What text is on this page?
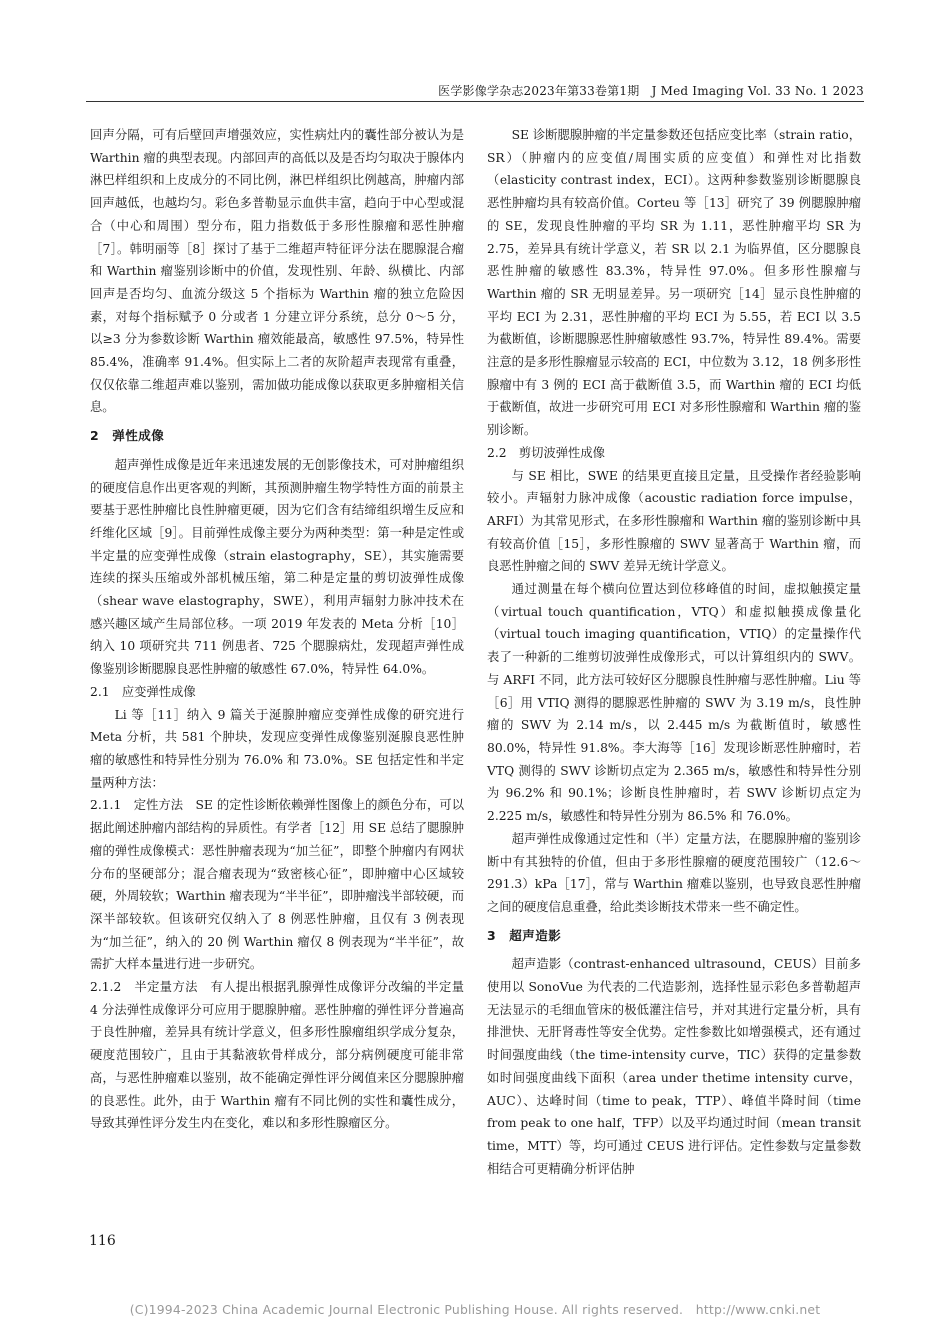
医学影像学杂志2023年第33卷第1期　J Med Imaging Vol. 33 No. 1 2023

回声分隔，可有后壁回声增强效应，实性病灶内的囊性部分被认为是 Warthin 瘤的典型表现。内部回声的高低以及是否均匀取决于腺体内淋巴样组织和上皮成分的不同比例，淋巴样组织比例越高，肿瘤内部回声越低，也越均匀。彩色多普勒显示血供丰富，趋向于中心型或混合（中心和周围）型分布，阻力指数低于多形性腺瘤和恶性肿瘤［7］。韩明丽等［8］探讨了基于二维超声特征评分法在腮腺混合瘤和 Warthin 瘤鉴别诊断中的价值，发现性别、年龄、纵横比、内部回声是否均匀、血流分级这 5 个指标为 Warthin 瘤的独立危险因素，对每个指标赋予 0 分或者 1 分建立评分系统，总分 0～5 分，以≥3 分为参数诊断 Warthin 瘤效能最高，敏感性 97.5%，特异性 85.4%，准确率 91.4%。但实际上二者的灰阶超声表现常有重叠，仅仅依靠二维超声难以鉴别，需加做功能成像以获取更多肿瘤相关信息。

2　弹性成像

超声弹性成像是近年来迅速发展的无创影像技术，可对肿瘤组织的硬度信息作出更客观的判断，其预测肿瘤生物学特性方面的前景主要基于恶性肿瘤比良性肿瘤更硬，因为它们含有结缔组织增生反应和纤维化区域［9］。目前弹性成像主要分为两种类型：第一种是定性或半定量的应变弹性成像（strain elastography，SE），其实施需要连续的探头压缩或外部机械压缩，第二种是定量的剪切波弹性成像（shear wave elastography，SWE），利用声辐射力脉冲技术在感兴趣区域产生局部位移。一项 2019 年发表的 Meta 分析［10］纳入 10 项研究共 711 例患者、725 个腮腺病灶，发现超声弹性成像鉴别诊断腮腺良恶性肿瘤的敏感性 67.0%，特异性 64.0%。

2.1　应变弹性成像

Li 等［11］纳入 9 篇关于涎腺肿瘤应变弹性成像的研究进行 Meta 分析，共 581 个肿块，发现应变弹性成像鉴别涎腺良恶性肿瘤的敏感性和特异性分别为 76.0% 和 73.0%。SE 包括定性和半定量两种方法：

2.1.1　定性方法　SE 的定性诊断依赖弹性图像上的颜色分布，可以据此阐述肿瘤内部结构的异质性。有学者［12］用 SE 总结了腮腺肿瘤的弹性成像模式：恶性肿瘤表现为“加兰征”，即整个肿瘤内有网状分布的坚硬部分；混合瘤表现为“致密核心征”，即肿瘤中心区域较硬，外周较软；Warthin 瘤表现为“半半征”，即肿瘤浅半部较硬，而深半部较软。但该研究仅纳入了 8 例恶性肿瘤，且仅有 3 例表现为“加兰征”，纳入的 20 例 Warthin 瘤仅 8 例表现为“半半征”，故需扩大样本量进行进一步研究。

2.1.2　半定量方法　有人提出根据乳腺弹性成像评分改编的半定量 4 分法弹性成像评分可应用于腮腺肿瘤。恶性肿瘤的弹性评分普遍高于良性肿瘤，差异具有统计学意义，但多形性腺瘤组织学成分复杂，硬度范围较广，且由于其黏液软骨样成分，部分病例硬度可能非常高，与恶性肿瘤难以鉴别，故不能确定弹性评分阈值来区分腮腺肿瘤的良恶性。此外，由于 Warthin 瘤有不同比例的实性和囊性成分，导致其弹性评分发生内在变化，难以和多形性腺瘤区分。

SE 诊断腮腺肿瘤的半定量参数还包括应变比率（strain ratio，SR）（肿瘤内的应变值/周围实质的应变值）和弹性对比指数（elasticity contrast index，ECI）。这两种参数鉴别诊断腮腺良恶性肿瘤均具有较高价值。Corteu 等［13］研究了 39 例腮腺肿瘤的 SE，发现良性肿瘤的平均 SR 为 1.11，恶性肿瘤平均 SR 为 2.75，差异具有统计学意义，若 SR 以 2.1 为临界值，区分腮腺良恶性肿瘤的敏感性 83.3%，特异性 97.0%。但多形性腺瘤与 Warthin 瘤的 SR 无明显差异。另一项研究［14］显示良性肿瘤的平均 ECI 为 2.31，恶性肿瘤的平均 ECI 为 5.55，若 ECI 以 3.5 为截断值，诊断腮腺恶性肿瘤敏感性 93.7%，特异性 89.4%。需要注意的是多形性腺瘤显示较高的 ECI，中位数为 3.12，18 例多形性腺瘤中有 3 例的 ECI 高于截断值 3.5，而 Warthin 瘤的 ECI 均低于截断值，故进一步研究可用 ECI 对多形性腺瘤和 Warthin 瘤的鉴别诊断。

2.2　剪切波弹性成像

与 SE 相比，SWE 的结果更直接且定量，且受操作者经验影响较小。声辐射力脉冲成像（acoustic radiation force impulse，ARFI）为其常见形式，在多形性腺瘤和 Warthin 瘤的鉴别诊断中具有较高价值［15］，多形性腺瘤的 SWV 显著高于 Warthin 瘤，而良恶性肿瘤之间的 SWV 差异无统计学意义。

通过测量在每个横向位置达到位移峰值的时间，虚拟触摸定量（virtual touch quantification，VTQ）和虚拟触摸成像量化（virtual touch imaging quantification，VTIQ）的定量操作代表了一种新的二维剪切波弹性成像形式，可以计算组织内的 SWV。与 ARFI 不同，此方法可较好区分腮腺良性肿瘤与恶性肿瘤。Liu 等［6］用 VTIQ 测得的腮腺恶性肿瘤的 SWV 为 3.19 m/s，良性肿瘤的 SWV 为 2.14 m/s，以 2.445 m/s 为截断值时，敏感性 80.0%，特异性 91.8%。李大海等［16］发现诊断恶性肿瘤时，若 VTQ 测得的 SWV 诊断切点定为 2.365 m/s，敏感性和特异性分别为 96.2% 和 90.1%；诊断良性肿瘤时，若 SWV 诊断切点定为 2.225 m/s，敏感性和特异性分别为 86.5% 和 76.0%。

超声弹性成像通过定性和（半）定量方法，在腮腺肿瘤的鉴别诊断中有其独特的价值，但由于多形性腺瘤的硬度范围较广（12.6～291.3）kPa［17］，常与 Warthin 瘤难以鉴别，也导致良恶性肿瘤之间的硬度信息重叠，给此类诊断技术带来一些不确定性。

3　超声造影

超声造影（contrast-enhanced ultrasound，CEUS）目前多使用以 SonoVue 为代表的二代造影剂，选择性显示彩色多普勒超声无法显示的毛细血管床的极低灌注信号，并对其进行定量分析，具有排泄快、无肝肾毒性等安全优势。定性参数比如增强模式，还有通过时间强度曲线（the time-intensity curve，TIC）获得的定量参数如时间强度曲线下面积（area under thetime intensity curve，AUC）、达峰时间（time to peak，TTP）、峰值半降时间（time from peak to one half，TFP）以及平均通过时间（mean transit time，MTT）等，均可通过 CEUS 进行评估。定性参数与定量参数相结合可更精确分析评估肿

116
(C)1994-2023 China Academic Journal Electronic Publishing House. All rights reserved.　http://www.cnki.net
